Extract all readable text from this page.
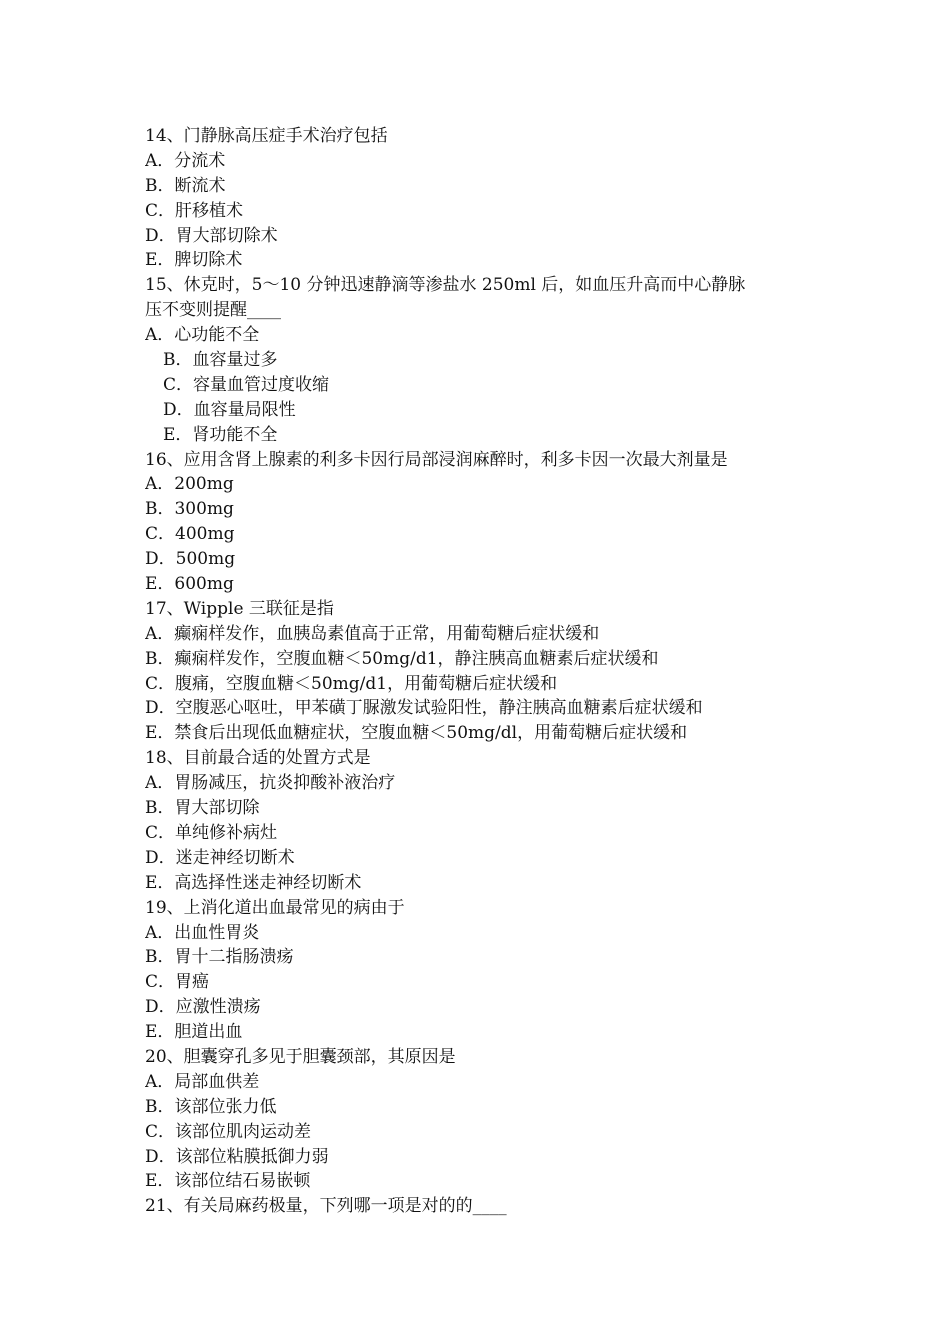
14、门静脉高压症手术治疗包括
A．分流术
B．断流术
C．肝移植术
D．胃大部切除术
E．脾切除术
15、休克时，5～10 分钟迅速静滴等渗盐水 250ml 后，如血压升高而中心静脉
压不变则提醒____
A．心功能不全
B．血容量过多
C．容量血管过度收缩
D．血容量局限性
E．肾功能不全
16、应用含肾上腺素的利多卡因行局部浸润麻醉时，利多卡因一次最大剂量是
A．200mg
B．300mg
C．400mg
D．500mg
E．600mg
17、Wipple 三联征是指
A．癫痫样发作，血胰岛素值高于正常，用葡萄糖后症状缓和
B．癫痫样发作，空腹血糖＜50mg/d1，静注胰高血糖素后症状缓和
C．腹痛，空腹血糖＜50mg/d1，用葡萄糖后症状缓和
D．空腹恶心呕吐，甲苯磺丁脲激发试验阳性，静注胰高血糖素后症状缓和
E．禁食后出现低血糖症状，空腹血糖＜50mg/dl，用葡萄糖后症状缓和
18、目前最合适的处置方式是
A．胃肠减压，抗炎抑酸补液治疗
B．胃大部切除
C．单纯修补病灶
D．迷走神经切断术
E．高选择性迷走神经切断术
19、上消化道出血最常见的病由于
A．出血性胃炎
B．胃十二指肠溃疡
C．胃癌
D．应激性溃疡
E．胆道出血
20、胆囊穿孔多见于胆囊颈部，其原因是
A．局部血供差
B．该部位张力低
C．该部位肌肉运动差
D．该部位粘膜抵御力弱
E．该部位结石易嵌顿
21、有关局麻药极量，下列哪一项是对的的____
